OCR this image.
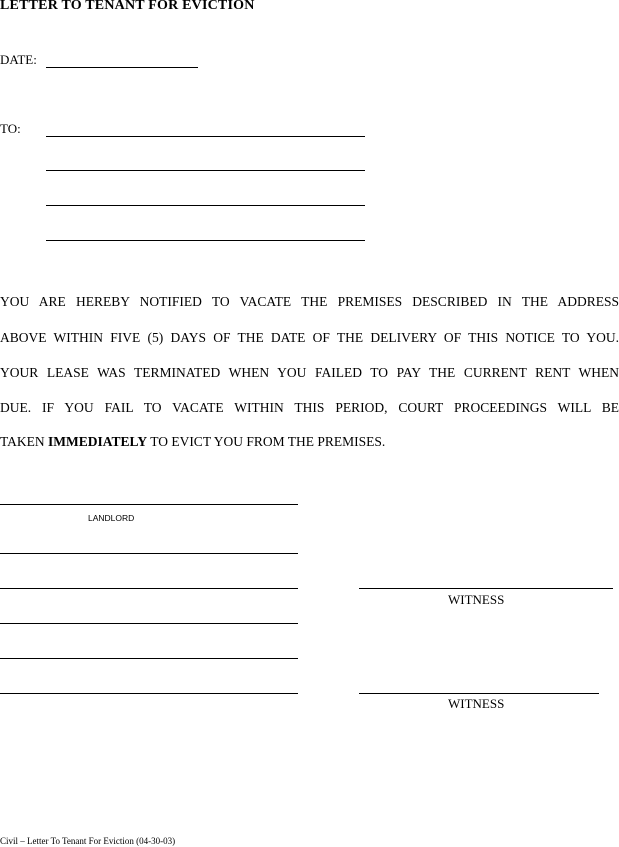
LETTER TO TENANT FOR EVICTION
DATE:
TO:
YOU ARE HEREBY NOTIFIED TO VACATE THE PREMISES DESCRIBED IN THE ADDRESS
ABOVE WITHIN FIVE (5) DAYS OF THE DATE OF THE DELIVERY OF THIS NOTICE TO YOU.
YOUR LEASE WAS TERMINATED WHEN YOU FAILED TO PAY THE CURRENT RENT WHEN
DUE. IF YOU FAIL TO VACATE WITHIN THIS PERIOD, COURT PROCEEDINGS WILL BE
TAKEN IMMEDIATELY TO EVICT YOU FROM THE PREMISES.
LANDLORD
WITNESS
WITNESS
Civil – Letter To Tenant For Eviction (04-30-03)
